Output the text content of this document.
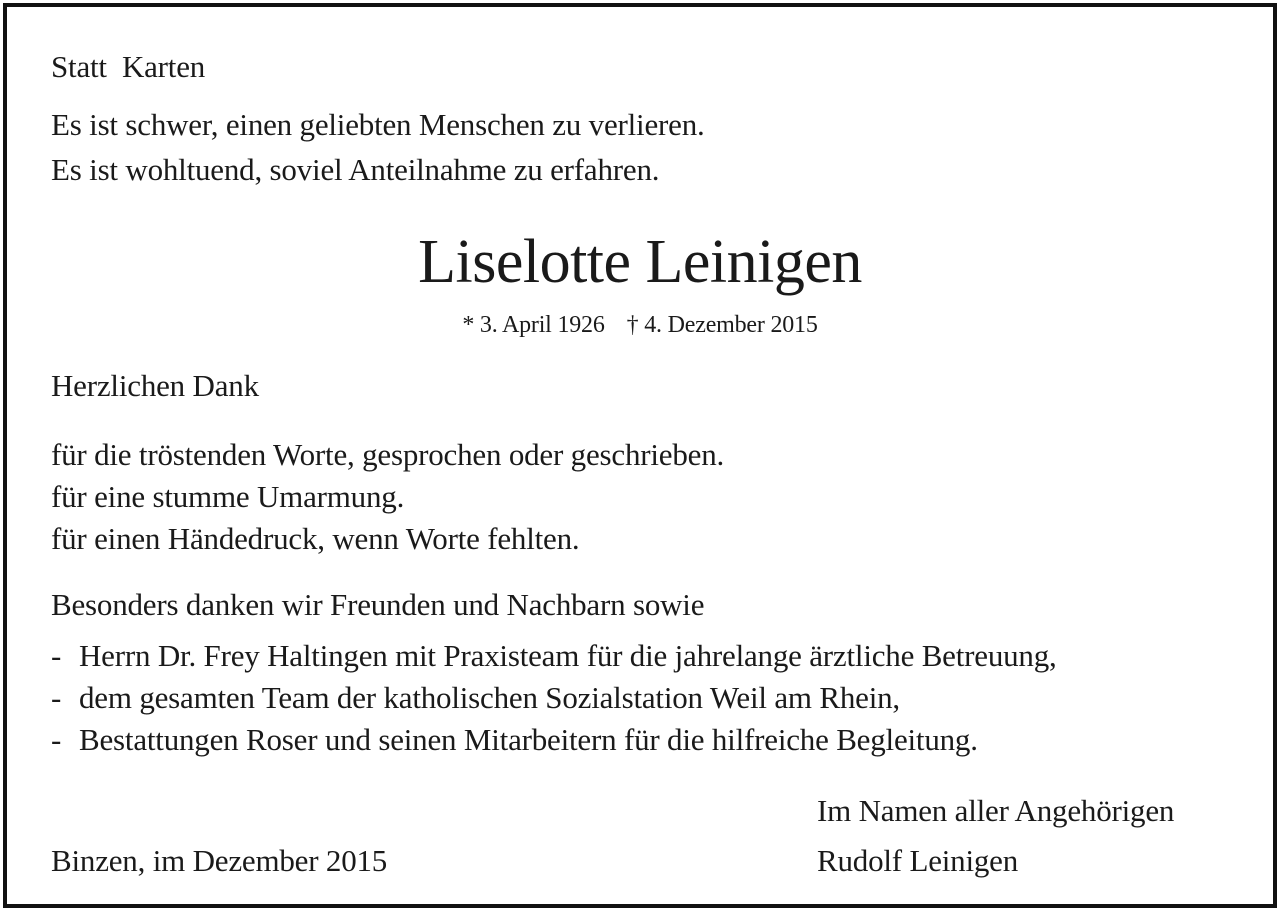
Statt  Karten
Es ist schwer, einen geliebten Menschen zu verlieren.
Es ist wohltuend, soviel Anteilnahme zu erfahren.
Liselotte Leinigen
* 3. April 1926 † 4. Dezember 2015
Herzlichen Dank
für die tröstenden Worte, gesprochen oder geschrieben.
für eine stumme Umarmung.
für einen Händedruck, wenn Worte fehlten.
Besonders danken wir Freunden und Nachbarn sowie
- Herrn Dr. Frey Haltingen mit Praxisteam für die jahrelange ärztliche Betreuung,
- dem gesamten Team der katholischen Sozialstation Weil am Rhein,
- Bestattungen Roser und seinen Mitarbeitern für die hilfreiche Begleitung.
Im Namen aller Angehörigen
Binzen, im Dezember 2015	Rudolf Leinigen
